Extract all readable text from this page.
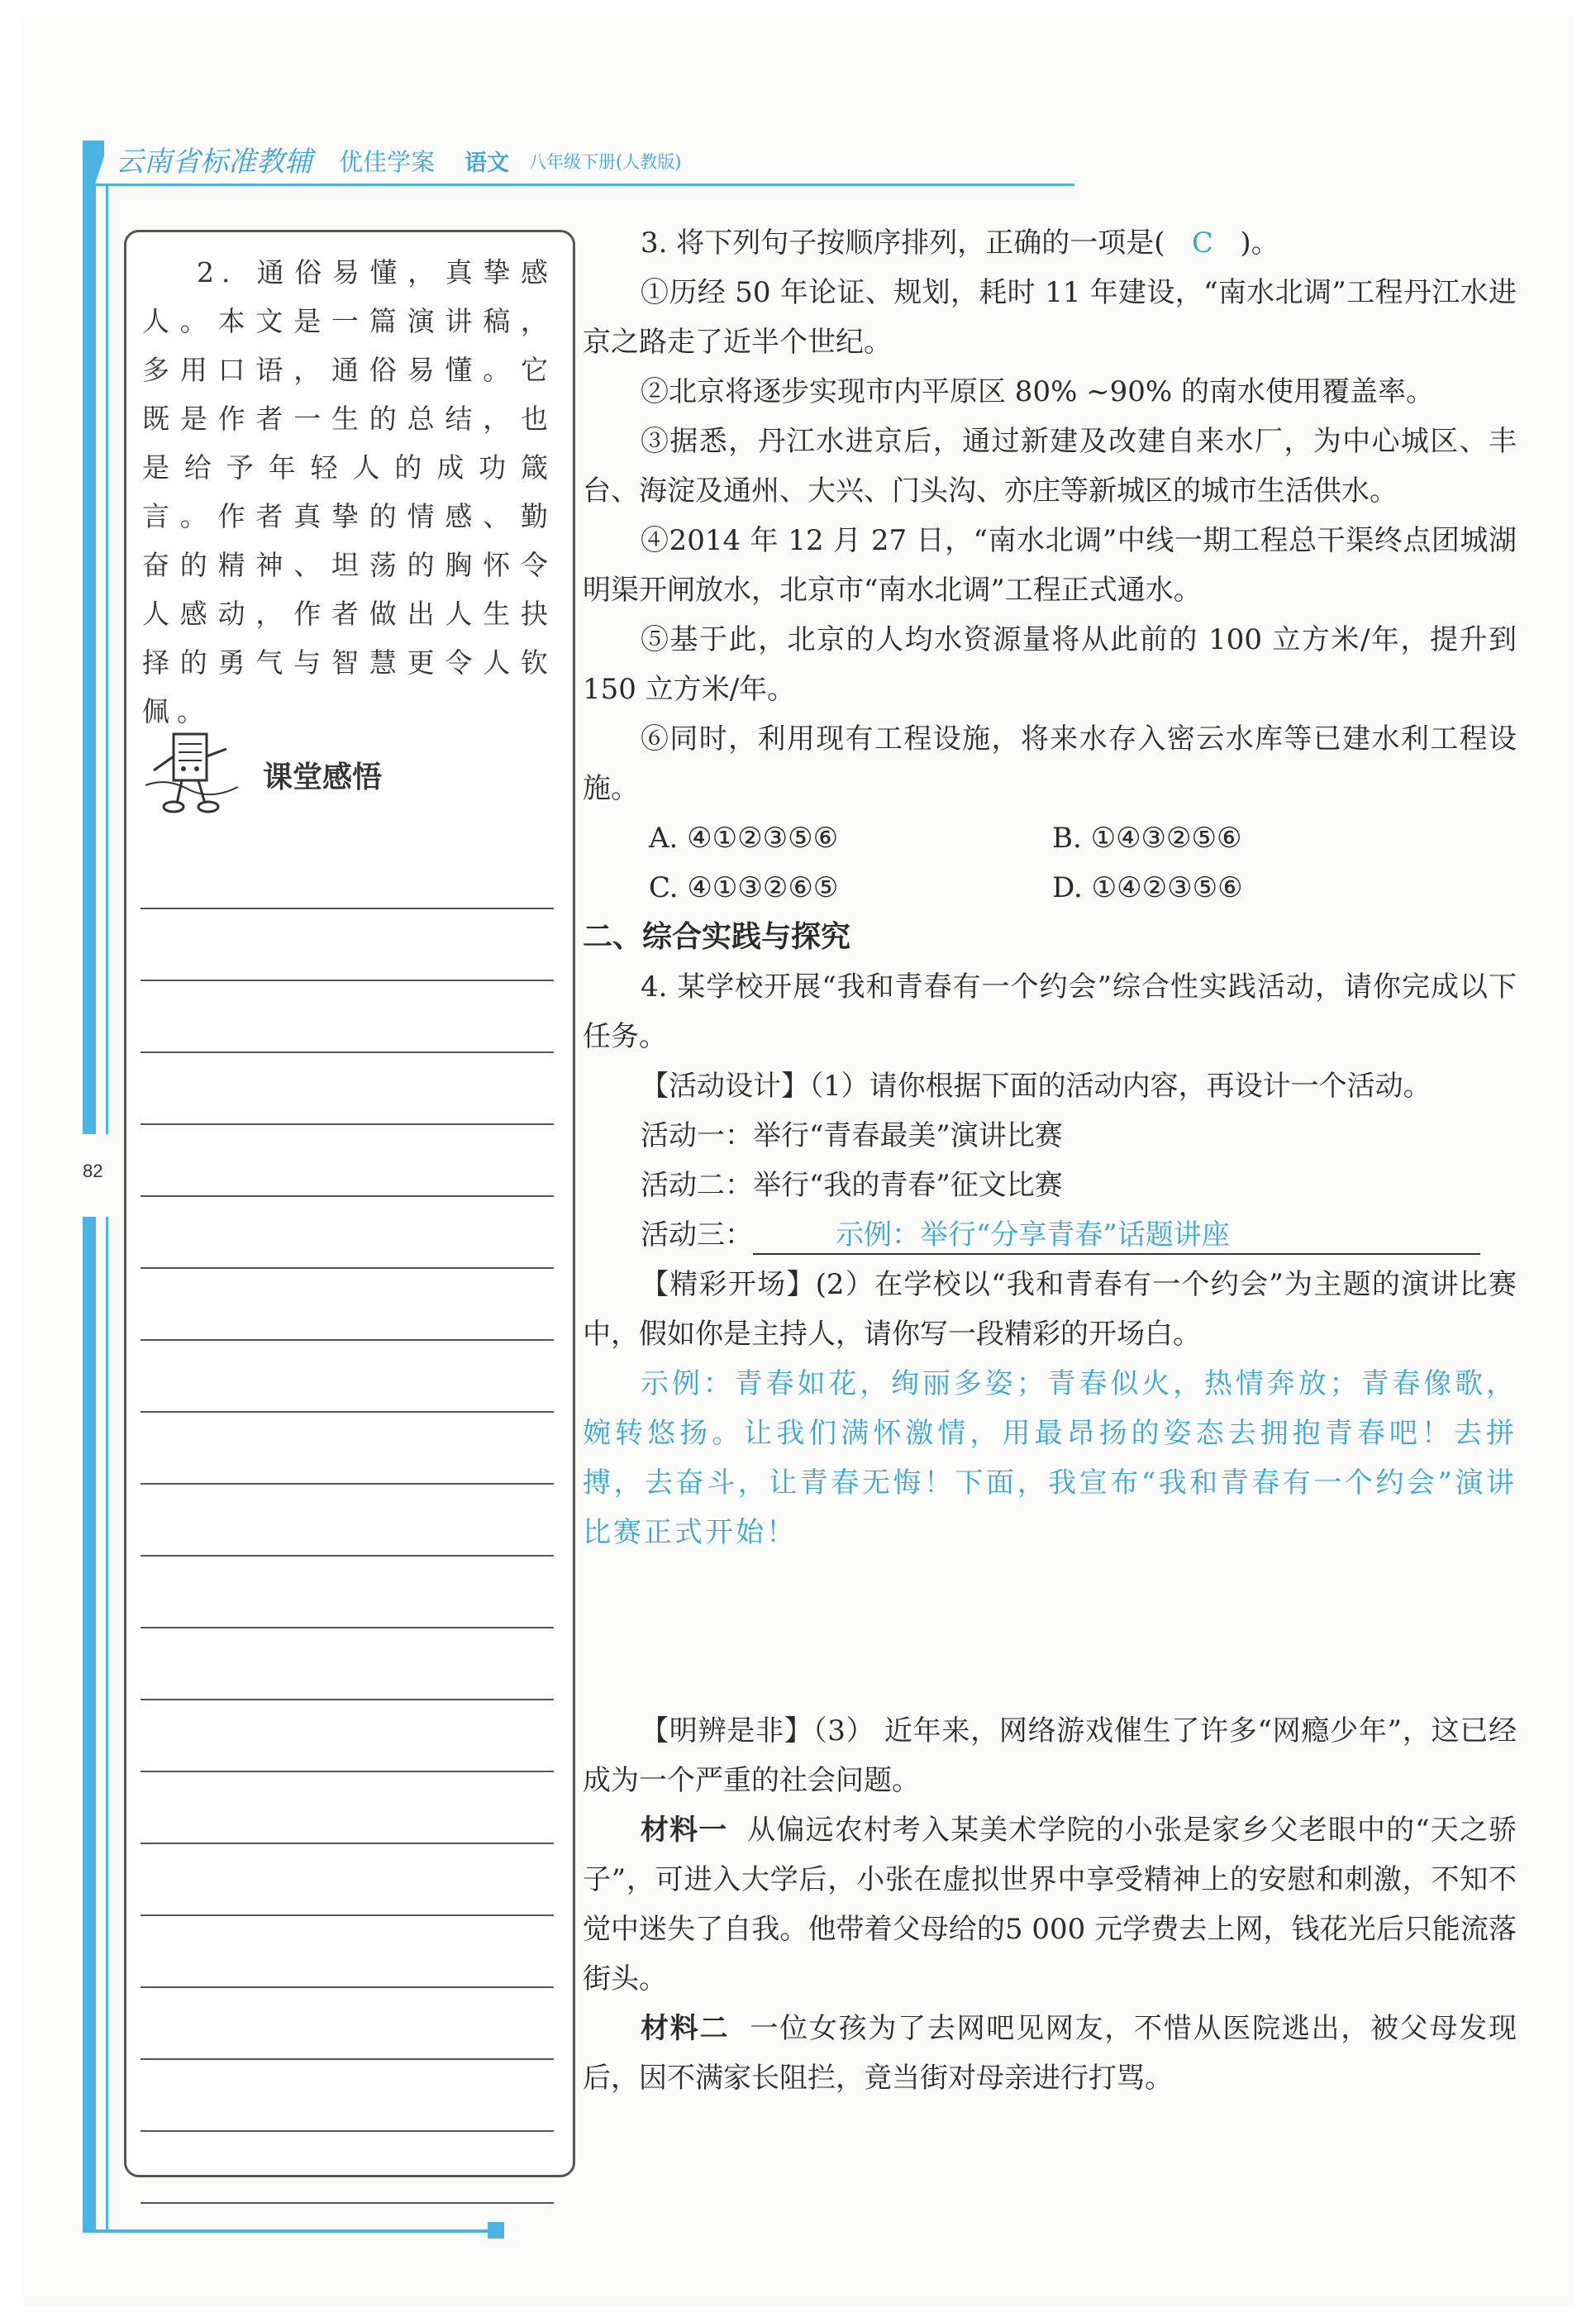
云南省标准教辅 优佳学案 语文 八年级下册(人教版)
82

2. 通俗易懂，真挚感人。本文是一篇演讲稿，多用口语，通俗易懂。它既是作者一生的总结，也是给予年轻人的成功箴言。作者真挚的情感、勤奋的精神、坦荡的胸怀令人感动，作者做出人生抉择的勇气与智慧更令人钦佩。

课堂感悟

3. 将下列句子按顺序排列，正确的一项是( C )。

①历经 50 年论证、规划，耗时 11 年建设，“南水北调”工程丹江水进京之路走了近半个世纪。

②北京将逐步实现市内平原区 80% ~90% 的南水使用覆盖率。

③据悉，丹江水进京后，通过新建及改建自来水厂，为中心城区、丰台、海淀及通州、大兴、门头沟、亦庄等新城区的城市生活供水。

④2014 年 12 月 27 日，“南水北调”中线一期工程总干渠终点团城湖明渠开闸放水，北京市“南水北调”工程正式通水。

⑤基于此，北京的人均水资源量将从此前的 100 立方米/年，提升到 150 立方米/年。

⑥同时，利用现有工程设施，将来水存入密云水库等已建水利工程设施。

A. ④①②③⑤⑥	B. ①④③②⑤⑥
C. ④①③②⑥⑤	D. ①④②③⑤⑥

二、综合实践与探究

4. 某学校开展“我和青春有一个约会”综合性实践活动，请你完成以下任务。

【活动设计】（1）请你根据下面的活动内容，再设计一个活动。

活动一：举行“青春最美”演讲比赛

活动二：举行“我的青春”征文比赛

活动三：	示例：举行“分享青春”话题讲座

【精彩开场】(2）在学校以“我和青春有一个约会”为主题的演讲比赛中，假如你是主持人，请你写一段精彩的开场白。

示例：青春如花，绚丽多姿；青春似火，热情奔放；青春像歌，婉转悠扬。让我们满怀激情，用最昂扬的姿态去拥抱青春吧！去拼搏，去奋斗，让青春无悔！下面，我宣布“我和青春有一个约会”演讲比赛正式开始！

【明辨是非】（3） 近年来，网络游戏催生了许多“网瘾少年”，这已经成为一个严重的社会问题。

材料一 从偏远农村考入某美术学院的小张是家乡父老眼中的“天之骄子”，可进入大学后，小张在虚拟世界中享受精神上的安慰和刺激，不知不觉中迷失了自我。他带着父母给的5 000 元学费去上网，钱花光后只能流落街头。

材料二 一位女孩为了去网吧见网友，不惜从医院逃出，被父母发现后，因不满家长阻拦，竟当街对母亲进行打骂。
